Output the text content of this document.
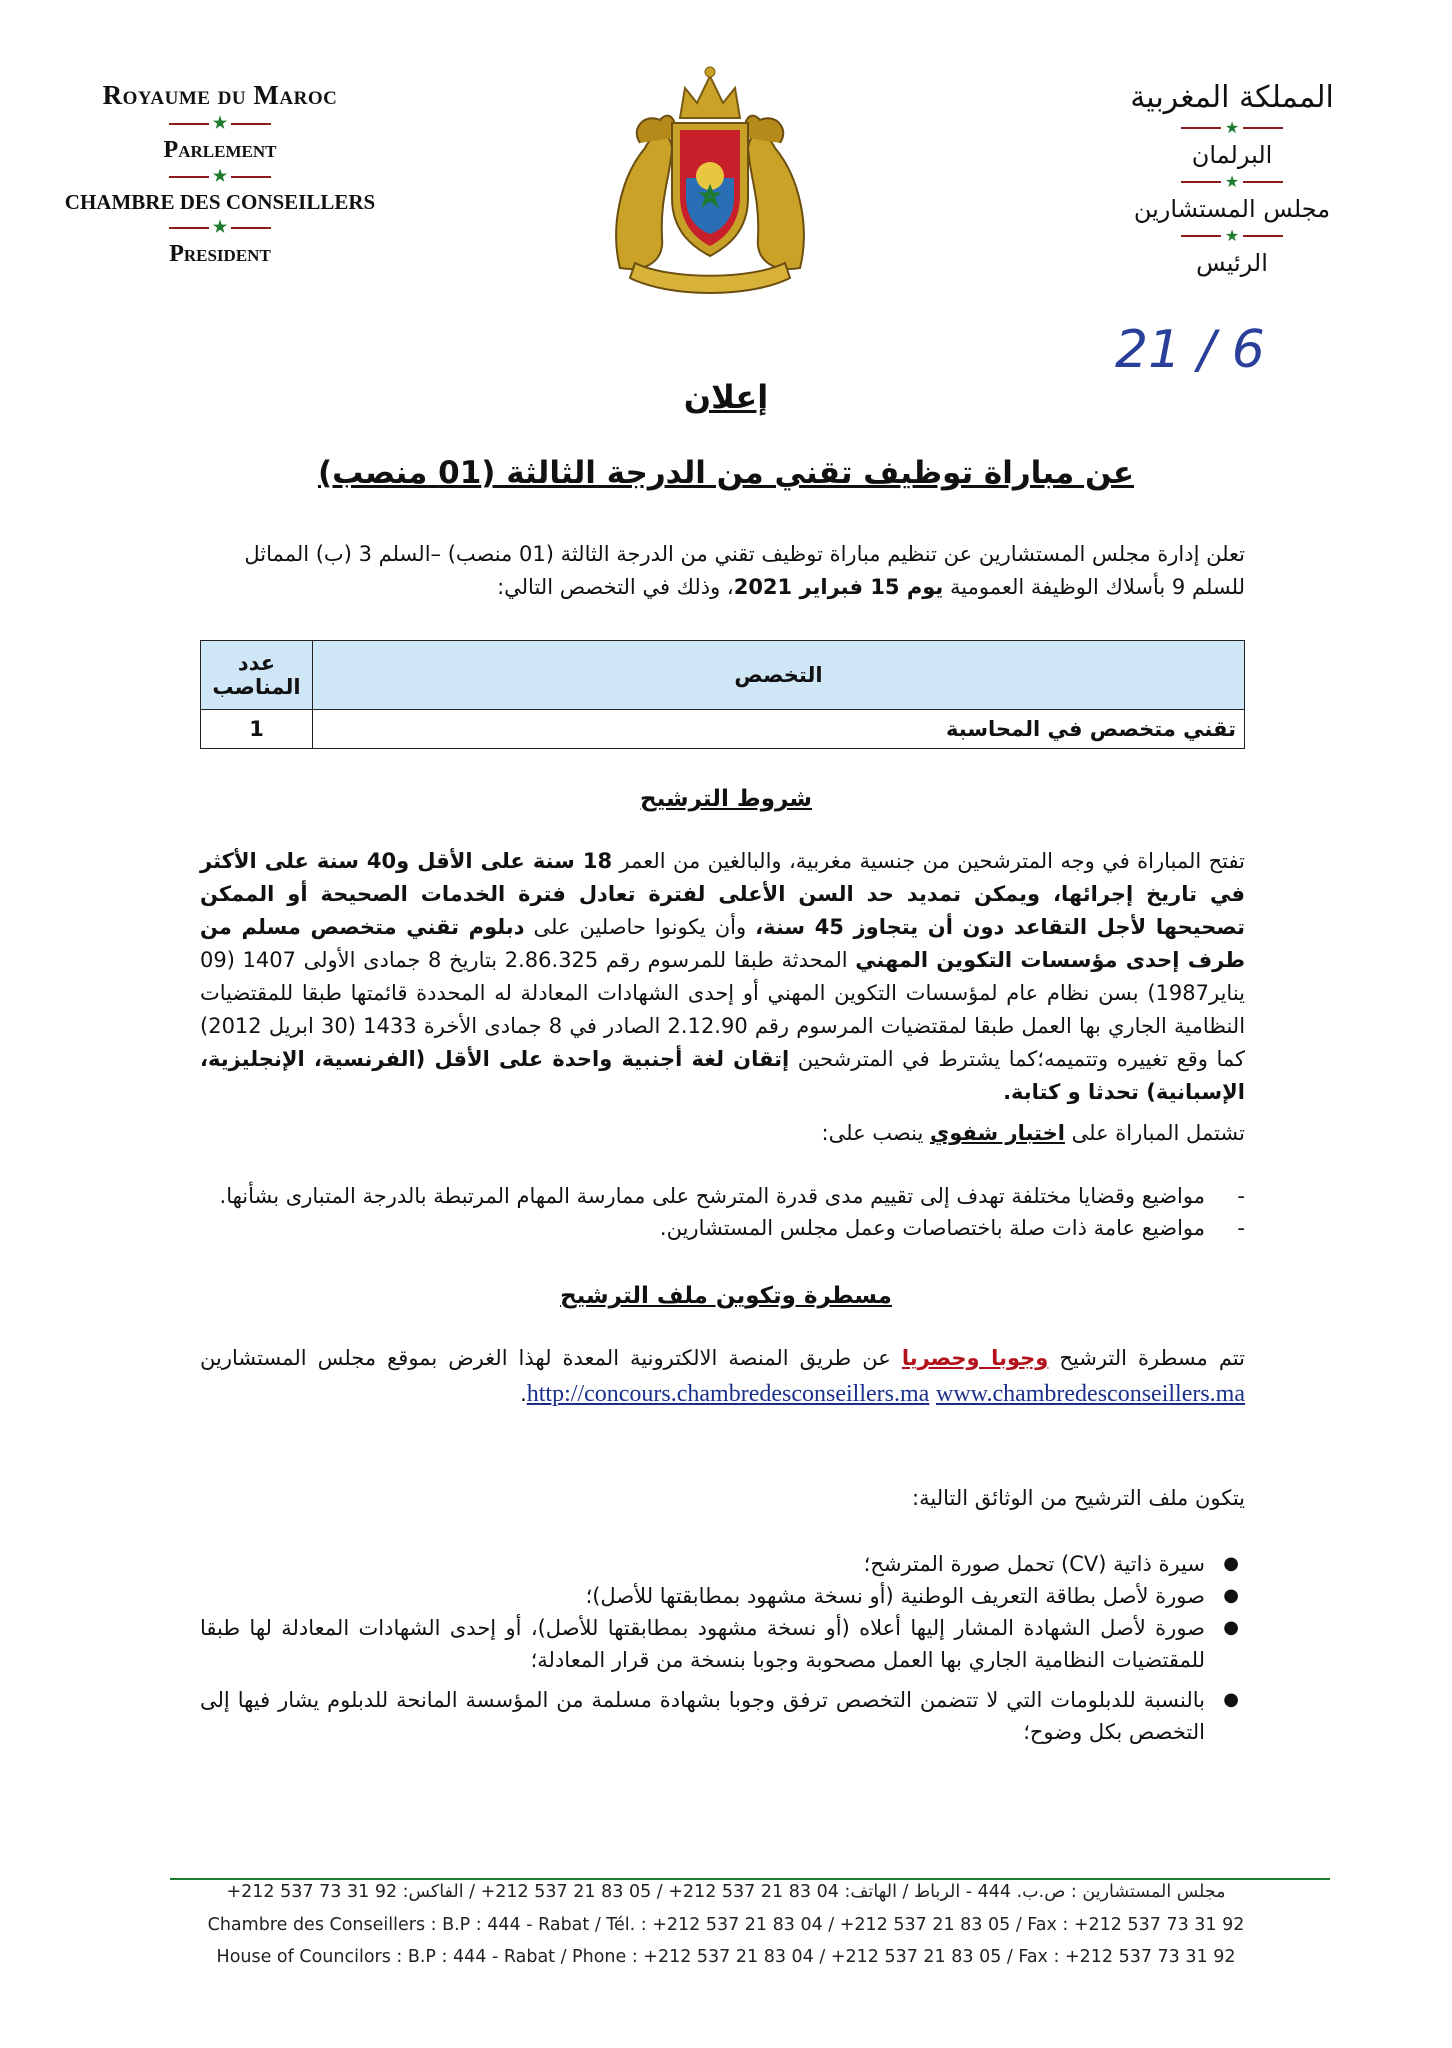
Royaume du Maroc
★
Parlement
★
CHAMBRE DES CONSEILLERS
★
President
المملكة المغربية
★
البرلمان
★
مجلس المستشارين
★
الرئيس
21 / 6
إعلان
عن مباراة توظيف تقني من الدرجة الثالثة (01 منصب)
تعلن إدارة مجلس المستشارين عن تنظيم مباراة توظيف تقني من الدرجة الثالثة (01 منصب) –السلم 3 (ب) المماثل للسلم 9 بأسلاك الوظيفة العمومية يوم 15 فبراير 2021، وذلك في التخصص التالي:
التخصص	عدد المناصب
تقني متخصص في المحاسبة	1
شروط الترشيح
تفتح المباراة في وجه المترشحين من جنسية مغربية، والبالغين من العمر 18 سنة على الأقل و40 سنة على الأكثر في تاريخ إجرائها، ويمكن تمديد حد السن الأعلى لفترة تعادل فترة الخدمات الصحيحة أو الممكن تصحيحها لأجل التقاعد دون أن يتجاوز 45 سنة، وأن يكونوا حاصلين على دبلوم تقني متخصص مسلم من طرف إحدى مؤسسات التكوين المهني المحدثة طبقا للمرسوم رقم 2.86.325 بتاريخ 8 جمادى الأولى 1407 (09 يناير1987) بسن نظام عام لمؤسسات التكوين المهني أو إحدى الشهادات المعادلة له المحددة قائمتها طبقا للمقتضيات النظامية الجاري بها العمل طبقا لمقتضيات المرسوم رقم 2.12.90 الصادر في 8 جمادى الأخرة 1433 (30 ابريل 2012) كما وقع تغييره وتتميمه؛كما يشترط في المترشحين إتقان لغة أجنبية واحدة على الأقل (الفرنسية، الإنجليزية، الإسبانية) تحدثا و كتابة.
تشتمل المباراة على اختبار شفوي ينصب على:
-
مواضيع وقضايا مختلفة تهدف إلى تقييم مدى قدرة المترشح على ممارسة المهام المرتبطة بالدرجة المتبارى بشأنها.
-
مواضيع عامة ذات صلة باختصاصات وعمل مجلس المستشارين.
مسطرة وتكوين ملف الترشيح
تتم مسطرة الترشيح وجوبا وحصريا عن طريق المنصة الالكترونية المعدة لهذا الغرض بموقع مجلس المستشارين http://concours.chambredesconseillers.ma www.chambredesconseillers.ma.
يتكون ملف الترشيح من الوثائق التالية:
●
سيرة ذاتية (CV) تحمل صورة المترشح؛
●
صورة لأصل بطاقة التعريف الوطنية (أو نسخة مشهود بمطابقتها للأصل)؛
●
صورة لأصل الشهادة المشار إليها أعلاه (أو نسخة مشهود بمطابقتها للأصل)، أو إحدى الشهادات المعادلة لها طبقا للمقتضيات النظامية الجاري بها العمل مصحوبة وجوبا بنسخة من قرار المعادلة؛
●
بالنسبة للدبلومات التي لا تتضمن التخصص ترفق وجوبا بشهادة مسلمة من المؤسسة المانحة للدبلوم يشار فيها إلى التخصص بكل وضوح؛
مجلس المستشارين : ص.ب. 444 - الرباط / الهاتف: 04 83 21 537 212+ / 05 83 21 537 212+ / الفاكس: 92 31 73 537 212+
Chambre des Conseillers : B.P : 444 - Rabat / Tél. : +212 537 21 83 04 / +212 537 21 83 05 / Fax : +212 537 73 31 92
House of Councilors : B.P : 444 - Rabat / Phone : +212 537 21 83 04 / +212 537 21 83 05 / Fax : +212 537 73 31 92
